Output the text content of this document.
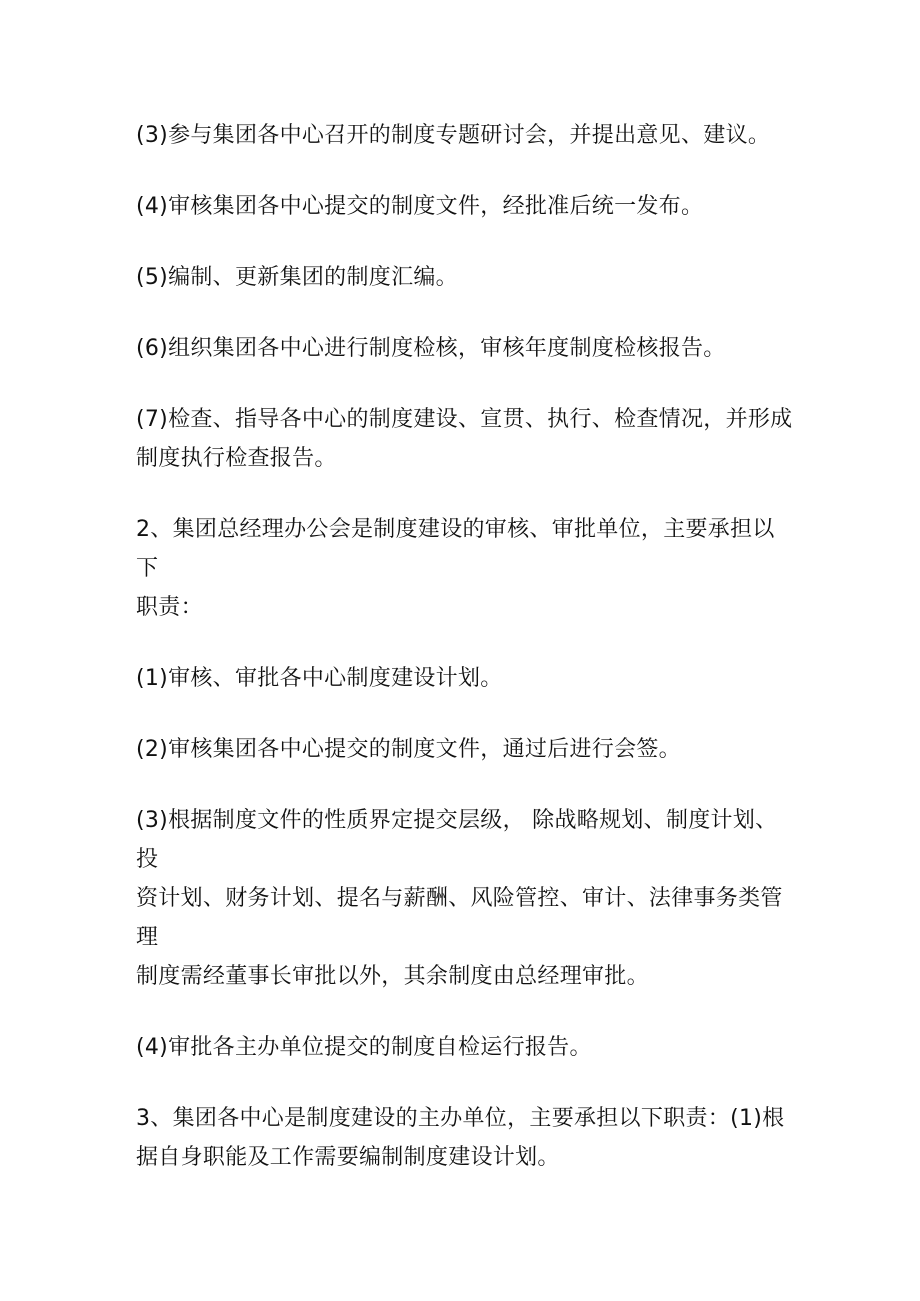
(3)参与集团各中心召开的制度专题研讨会，并提出意见、建议。

(4)审核集团各中心提交的制度文件，经批准后统一发布。

(5)编制、更新集团的制度汇编。

(6)组织集团各中心进行制度检核，审核年度制度检核报告。

(7)检查、指导各中心的制度建设、宣贯、执行、检查情况，并形成
制度执行检查报告。

2、集团总经理办公会是制度建设的审核、审批单位，主要承担以下
职责：

(1)审核、审批各中心制度建设计划。

(2)审核集团各中心提交的制度文件，通过后进行会签。

(3)根据制度文件的性质界定提交层级， 除战略规划、制度计划、投
资计划、财务计划、提名与薪酬、风险管控、审计、法律事务类管理
制度需经董事长审批以外，其余制度由总经理审批。

(4)审批各主办单位提交的制度自检运行报告。

3、集团各中心是制度建设的主办单位，主要承担以下职责：(1)根
据自身职能及工作需要编制制度建设计划。
